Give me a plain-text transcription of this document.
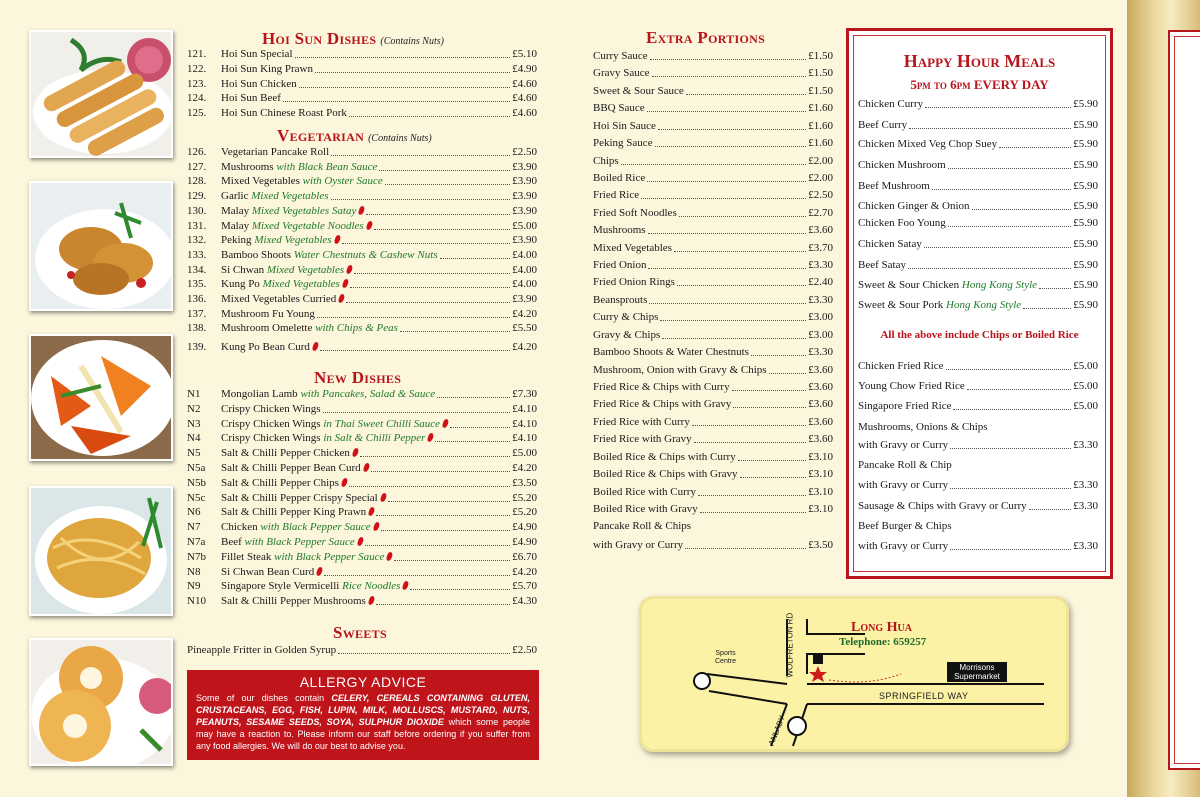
Hoi Sun Dishes (Contains Nuts)
121.	Hoi Sun Special	£5.10
122.	Hoi Sun King Prawn	£4.90
123.	Hoi Sun Chicken	£4.60
124.	Hoi Sun Beef	£4.60
125.	Hoi Sun Chinese Roast Pork	£4.60
Vegetarian (Contains Nuts)
126.	Vegetarian Pancake Roll	£2.50
127.	Mushrooms with Black Bean Sauce	£3.90
128.	Mixed Vegetables with Oyster Sauce	£3.90
129.	Garlic Mixed Vegetables	£3.90
130.	Malay Mixed Vegetables Satay	£3.90
131.	Malay Mixed Vegetable Noodles	£5.00
132.	Peking Mixed Vegetables	£3.90
133.	Bamboo Shoots Water Chestnuts & Cashew Nuts	£4.00
134.	Si Chwan Mixed Vegetables	£4.00
135.	Kung Po Mixed Vegetables	£4.00
136.	Mixed Vegetables Curried	£3.90
137.	Mushroom Fu Young	£4.20
138.	Mushroom Omelette with Chips & Peas	£5.50
139.	Kung Po Bean Curd	£4.20
New Dishes
N1	Mongolian Lamb with Pancakes, Salad & Sauce	£7.30
N2	Crispy Chicken Wings	£4.10
N3	Crispy Chicken Wings in Thai Sweet Chilli Sauce	£4.10
N4	Crispy Chicken Wings in Salt & Chilli Pepper	£4.10
N5	Salt & Chilli Pepper Chicken	£5.00
N5a	Salt & Chilli Pepper Bean Curd	£4.20
N5b	Salt & Chilli Pepper Chips	£3.50
N5c	Salt & Chilli Pepper Crispy Special	£5.20
N6	Salt & Chilli Pepper King Prawn	£5.20
N7	Chicken with Black Pepper Sauce	£4.90
N7a	Beef with Black Pepper Sauce	£4.90
N7b	Fillet Steak with Black Pepper Sauce	£6.70
N8	Si Chwan Bean Curd	£4.20
N9	Singapore Style Vermicelli Rice Noodles	£5.70
N10	Salt & Chilli Pepper Mushrooms	£4.30
Sweets
Pineapple Fritter in Golden Syrup	£2.50
ALLERGY ADVICE

Some of our dishes contain CELERY, CEREALS CONTAINING GLUTEN, CRUSTACEANS, EGG, FISH, LUPIN, MILK, MOLLUSCS, MUSTARD, NUTS, PEANUTS, SESAME SEEDS, SOYA, SULPHUR DIOXIDE which some people may have a reaction to. Please inform our staff before ordering if you suffer from any food allergies. We will do our best to advise you.

Extra Portions
Curry Sauce	£1.50
Gravy Sauce	£1.50
Sweet & Sour Sauce	£1.50
BBQ Sauce	£1.60
Hoi Sin Sauce	£1.60
Peking Sauce	£1.60
Chips	£2.00
Boiled Rice	£2.00
Fried Rice	£2.50
Fried Soft Noodles	£2.70
Mushrooms	£3.60
Mixed Vegetables	£3.70
Fried Onion	£3.30
Fried Onion Rings	£2.40
Beansprouts	£3.30
Curry & Chips	£3.00
Gravy & Chips	£3.00
Bamboo Shoots & Water Chestnuts	£3.30
Mushroom, Onion with Gravy & Chips	£3.60
Fried Rice & Chips with Curry	£3.60
Fried Rice & Chips with Gravy	£3.60
Fried Rice with Curry	£3.60
Fried Rice with Gravy	£3.60
Boiled Rice & Chips with Curry	£3.10
Boiled Rice & Chips with Gravy	£3.10
Boiled Rice with Curry	£3.10
Boiled Rice with Gravy	£3.10
Pancake Roll & Chips
with Gravy or Curry	£3.50
Happy Hour Meals
5pm to 6pm EVERY DAY
All the above include Chips or Boiled Rice
Chicken Curry	£5.90
Beef Curry	£5.90
Chicken Mixed Veg Chop Suey	£5.90
Chicken Mushroom	£5.90
Beef Mushroom	£5.90
Chicken Ginger & Onion	£5.90
Chicken Foo Young	£5.90
Chicken Satay	£5.90
Beef Satay	£5.90
Sweet & Sour Chicken Hong Kong Style	£5.90
Sweet & Sour Pork Hong Kong Style	£5.90
Chicken Fried Rice	£5.00
Young Chow Fried Rice	£5.00
Singapore Fried Rice	£5.00
Mushrooms, Onions & Chips
with Gravy or Curry	£3.30
Pancake Roll & Chip
with Gravy or Curry	£3.30
Sausage & Chips with Gravy or Curry	£3.30
Beef Burger & Chips
with Gravy or Curry	£3.30
Long Hua
Telephone: 659257
Morrisons
Supermarket
Sports
Centre	WOLFRETON RD
SPRINGFIELD WAY
ANLABY
